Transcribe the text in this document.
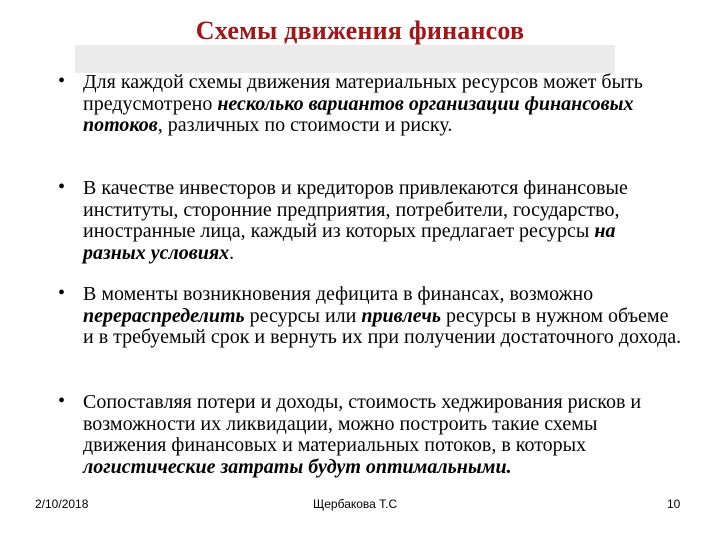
Схемы движения финансов
• Для каждой схемы движения материальных ресурсов может быть предусмотрено несколько вариантов организации финансовых потоков, различных по стоимости и риску.
• В качестве инвесторов и кредиторов привлекаются финансовые институты, сторонние предприятия, потребители, государство, иностранные лица, каждый из которых предлагает ресурсы на разных условиях.
• В моменты возникновения дефицита в финансах, возможно перераспределить ресурсы или привлечь ресурсы в нужном объеме и в требуемый срок и вернуть их при получении достаточного дохода.
• Сопоставляя потери и доходы, стоимость хеджирования рисков и возможности их ликвидации, можно построить такие схемы движения финансовых и материальных потоков, в которых логистические затраты будут оптимальными.
2/10/2018	Щербакова Т.С	10
